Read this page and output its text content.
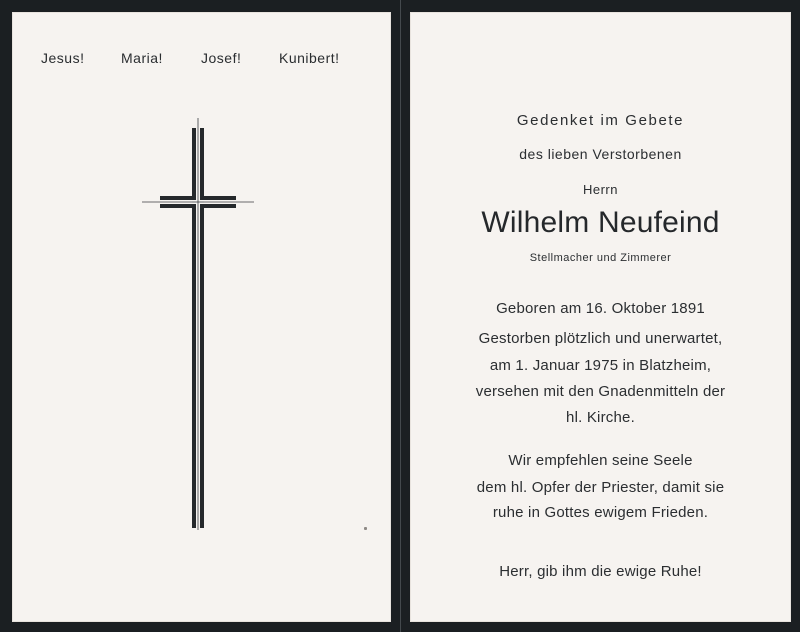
Jesus!	Maria!	Josef!	Kunibert!
Gedenket im Gebete
des lieben Verstorbenen
Herrn
Wilhelm Neufeind
Stellmacher und Zimmerer
Geboren am 16. Oktober 1891
Gestorben plötzlich und unerwartet,
am 1. Januar 1975 in Blatzheim,
versehen mit den Gnadenmitteln der
hl. Kirche.
Wir empfehlen seine Seele
dem hl. Opfer der Priester, damit sie
ruhe in Gottes ewigem Frieden.
Herr, gib ihm die ewige Ruhe!
